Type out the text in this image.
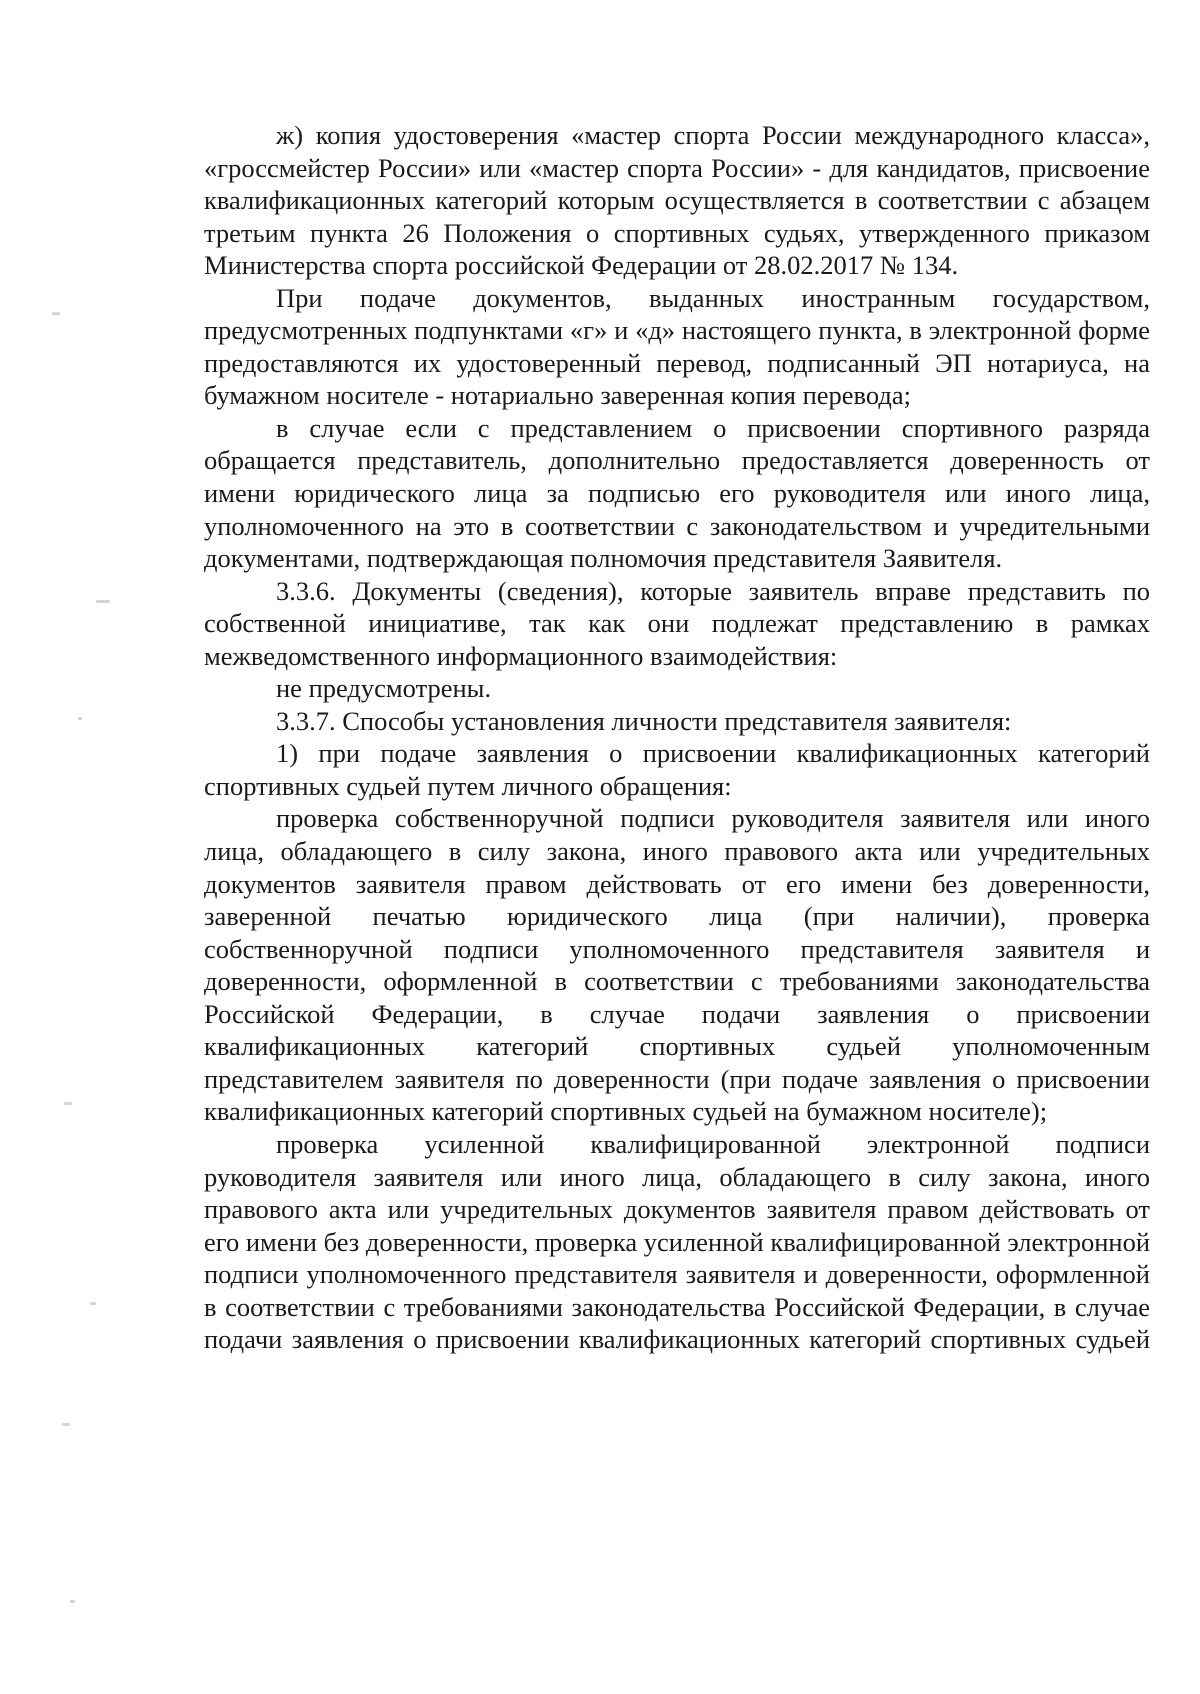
ж) копия удостоверения «мастер спорта России международного класса», «гроссмейстер России» или «мастер спорта России» - для кандидатов, присвоение квалификационных категорий которым осуществляется в соответствии с абзацем третьим пункта 26 Положения о спортивных судьях, утвержденного приказом Министерства спорта российской Федерации от 28.02.2017 № 134.

При подаче документов, выданных иностранным государством, предусмотренных подпунктами «г» и «д» настоящего пункта, в электронной форме предоставляются их удостоверенный перевод, подписанный ЭП нотариуса, на бумажном носителе - нотариально заверенная копия перевода;

в случае если с представлением о присвоении спортивного разряда обращается представитель, дополнительно предоставляется доверенность от имени юридического лица за подписью его руководителя или иного лица, уполномоченного на это в соответствии с законодательством и учредительными документами, подтверждающая полномочия представителя Заявителя.

3.3.6. Документы (сведения), которые заявитель вправе представить по собственной инициативе, так как они подлежат представлению в рамках межведомственного информационного взаимодействия:

не предусмотрены.

3.3.7. Способы установления личности представителя заявителя:

1) при подаче заявления о присвоении квалификационных категорий спортивных судьей путем личного обращения:

проверка собственноручной подписи руководителя заявителя или иного лица, обладающего в силу закона, иного правового акта или учредительных документов заявителя правом действовать от его имени без доверенности, заверенной печатью юридического лица (при наличии), проверка собственноручной подписи уполномоченного представителя заявителя и доверенности, оформленной в соответствии с требованиями законодательства Российской Федерации, в случае подачи заявления о присвоении квалификационных категорий спортивных судьей уполномоченным представителем заявителя по доверенности (при подаче заявления о присвоении квалификационных категорий спортивных судьей на бумажном носителе);

проверка усиленной квалифицированной электронной подписи руководителя заявителя или иного лица, обладающего в силу закона, иного правового акта или учредительных документов заявителя правом действовать от его имени без доверенности, проверка усиленной квалифицированной электронной подписи уполномоченного представителя заявителя и доверенности, оформленной в соответствии с требованиями законодательства Российской Федерации, в случае подачи заявления о присвоении квалификационных категорий спортивных судьей
